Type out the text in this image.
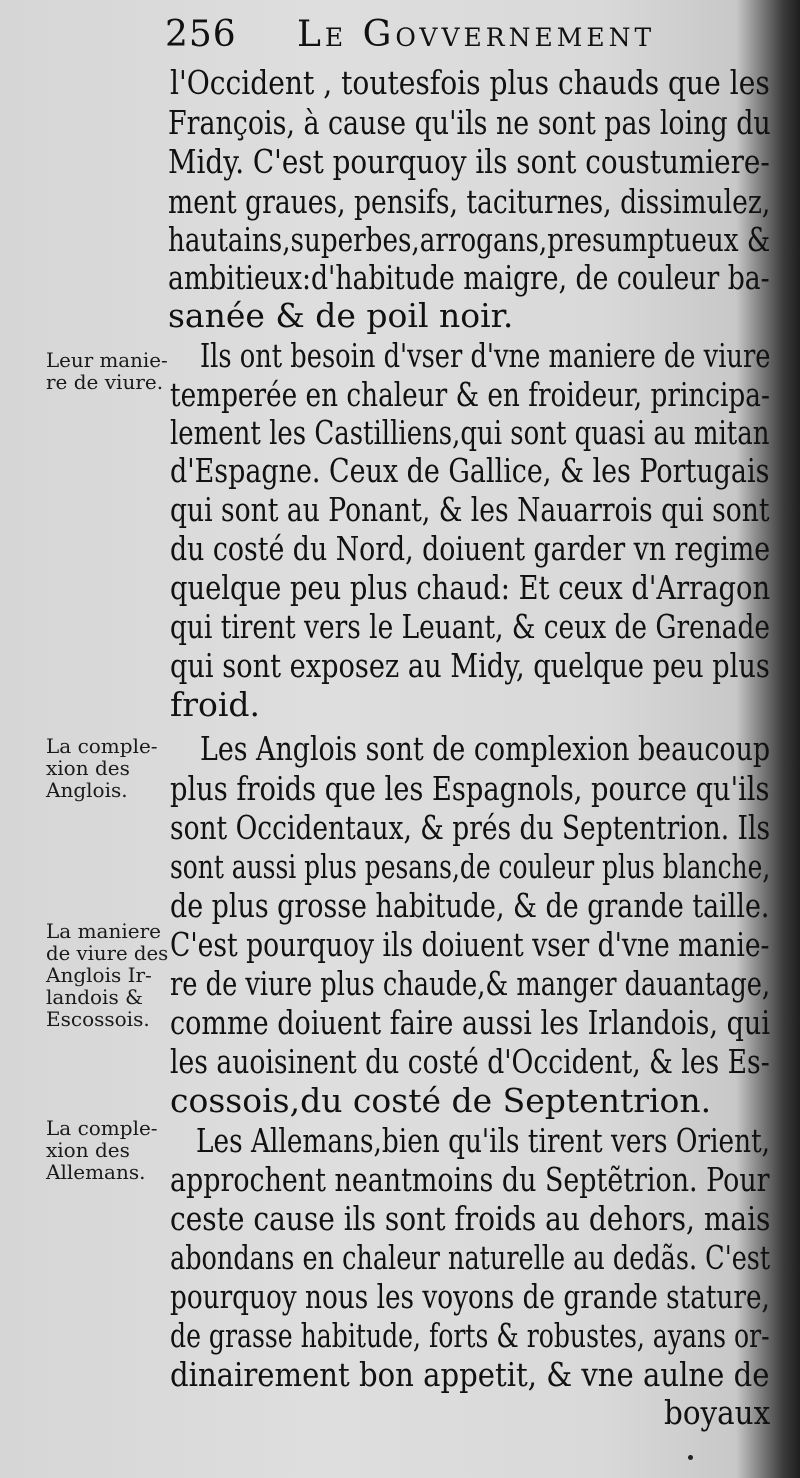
256 Le Govvernement
l'Occident , toutesfois plus chauds que les
François, à cause qu'ils ne sont pas loing du
Midy. C'est pourquoy ils sont coustumiere-
ment graues, pensifs, taciturnes, dissimulez,
hautains,superbes,arrogans,presumptueux &
ambitieux:d'habitude maigre, de couleur ba-
sanée & de poil noir.
Ils ont besoin d'vser d'vne maniere de viure
temperée en chaleur & en froideur, principa-
lement les Castilliens,qui sont quasi au mitan
d'Espagne. Ceux de Gallice, & les Portugais
qui sont au Ponant, & les Nauarrois qui sont
du costé du Nord, doiuent garder vn regime
quelque peu plus chaud: Et ceux d'Arragon
qui tirent vers le Leuant, & ceux de Grenade
qui sont exposez au Midy, quelque peu plus
froid.
Les Anglois sont de complexion beaucoup
plus froids que les Espagnols, pource qu'ils
sont Occidentaux, & prés du Septentrion. Ils
sont aussi plus pesans,de couleur plus blanche,
de plus grosse habitude, & de grande taille.
C'est pourquoy ils doiuent vser d'vne manie-
re de viure plus chaude,& manger dauantage,
comme doiuent faire aussi les Irlandois, qui
les auoisinent du costé d'Occident, & les Es-
cossois,du costé de Septentrion.
Les Allemans,bien qu'ils tirent vers Orient,
approchent neantmoins du Septẽtrion. Pour
ceste cause ils sont froids au dehors, mais
abondans en chaleur naturelle au dedãs. C'est
pourquoy nous les voyons de grande stature,
de grasse habitude, forts & robustes, ayans or-
dinairement bon appetit, & vne aulne de
boyaux
Leur manie-
re de viure.
La comple-
xion des
Anglois.
La maniere
de viure des
Anglois Ir-
landois &
Escossois.
La comple-
xion des
Allemans.
